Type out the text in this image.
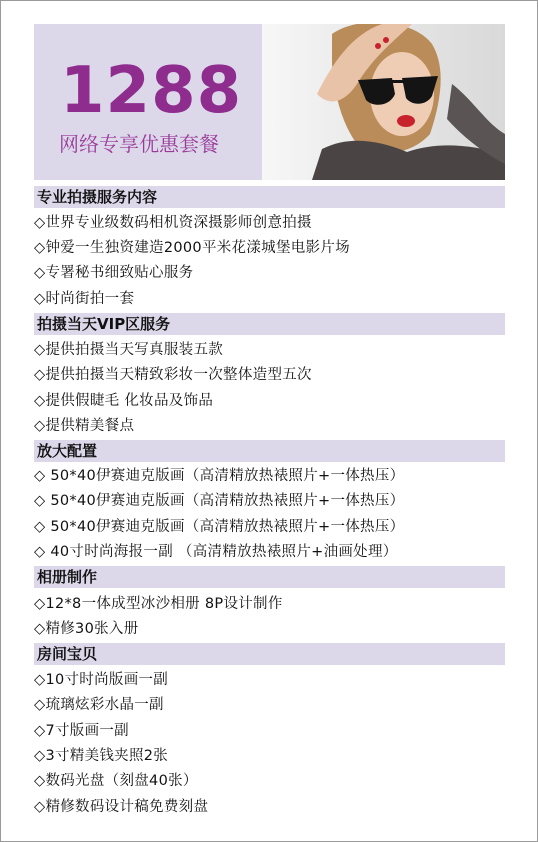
1288
网络专享优惠套餐
专业拍摄服务内容
◇世界专业级数码相机资深摄影师创意拍摄
◇钟爱一生独资建造2000平米花漾城堡电影片场
◇专署秘书细致贴心服务
◇时尚街拍一套
拍摄当天VIP区服务
◇提供拍摄当天写真服装五款
◇提供拍摄当天精致彩妆一次整体造型五次
◇提供假睫毛 化妆品及饰品
◇提供精美餐点
放大配置
◇ 50*40伊赛迪克版画（高清精放热裱照片+一体热压）
◇ 50*40伊赛迪克版画（高清精放热裱照片+一体热压）
◇ 50*40伊赛迪克版画（高清精放热裱照片+一体热压）
◇ 40寸时尚海报一副 （高清精放热裱照片+油画处理）
相册制作
◇12*8一体成型冰沙相册 8P设计制作
◇精修30张入册
房间宝贝
◇10寸时尚版画一副
◇琉璃炫彩水晶一副
◇7寸版画一副
◇3寸精美钱夹照2张
◇数码光盘（刻盘40张）
◇精修数码设计稿免费刻盘
